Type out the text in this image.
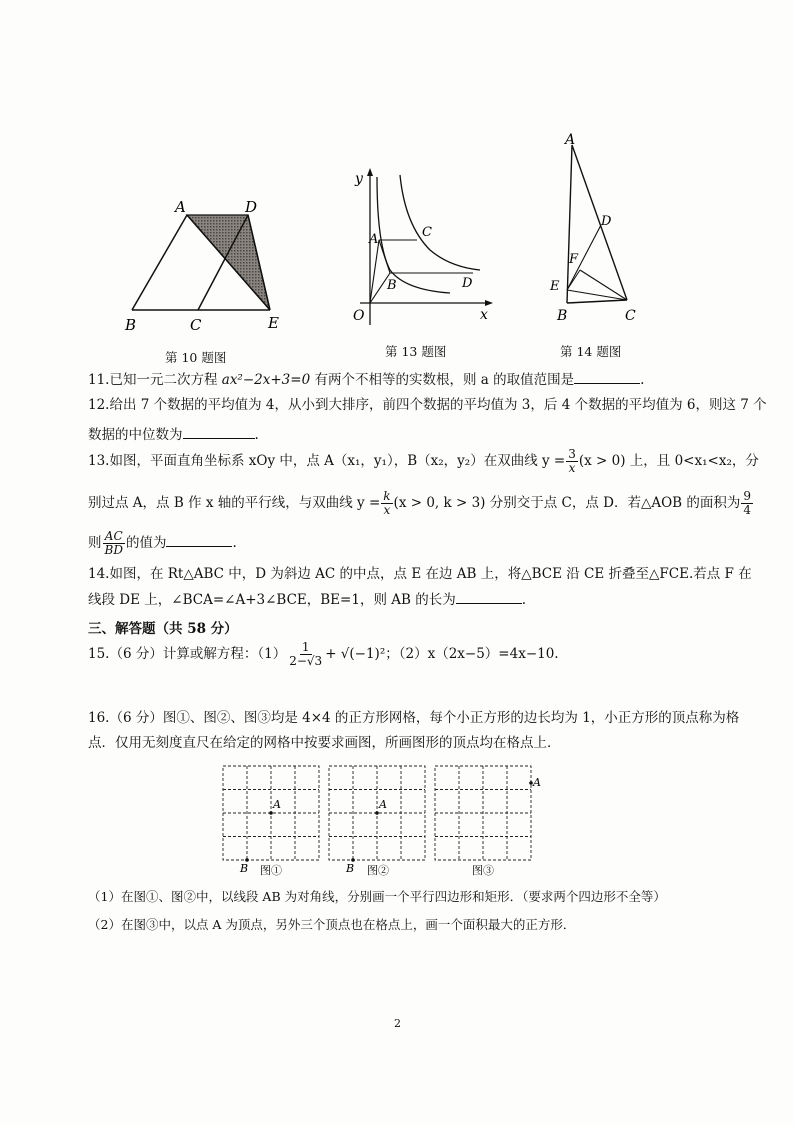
A	D
B	C	E
第 10 题图
y
x
O
A
B
C
D
第 13 题图
A
D
F
E
B	C
第 14 题图
11.已知一元二次方程 ax²−2x+3=0 有两个不相等的实数根，则 a 的取值范围是	.
12.给出 7 个数据的平均值为 4，从小到大排序，前四个数据的平均值为 3，后 4 个数据的平均值为 6，则这 7 个
数据的中位数为	.
13.如图，平面直角坐标系 xOy 中，点 A（x₁，y₁），B（x₂，y₂）在双曲线 $y = \frac{3}{x} (x > 0)$ 上，且 0<x₁<x₂，分
别过点 A，点 B 作 x 轴的平行线，与双曲线 $y = \frac{k}{x} (x > 0$, k > 3) 分别交于点 C，点 D．若△AOB 的面积为 $\frac{9}{4}$
则 $\frac{AC}{BD}$ 的值为	.
14.如图，在 Rt△ABC 中，D 为斜边 AC 的中点，点 E 在边 AB 上，将△BCE 沿 CE 折叠至△FCE.若点 F 在
线段 DE 上，∠BCA=∠A+3∠BCE，BE=1，则 AB 的长为	.
三、解答题（共 58 分）
15.（6 分）计算或解方程：$(1) \frac{1}{2-√3} + √(-1)^2$；（2）x（2x−5）=4x−10.
16.（6 分）图①、图②、图③均是 4×4 的正方形网格，每个小正方形的边长均为 1，小正方形的顶点称为格
点．仅用无刻度直尺在给定的网格中按要求画图，所画图形的顶点均在格点上．
A
B 图①
A
B 图②
A
图③
（1）在图①、图②中，以线段 AB 为对角线，分别画一个平行四边形和矩形．（要求两个四边形不全等）
（2）在图③中，以点 A 为顶点，另外三个顶点也在格点上，画一个面积最大的正方形．
2
